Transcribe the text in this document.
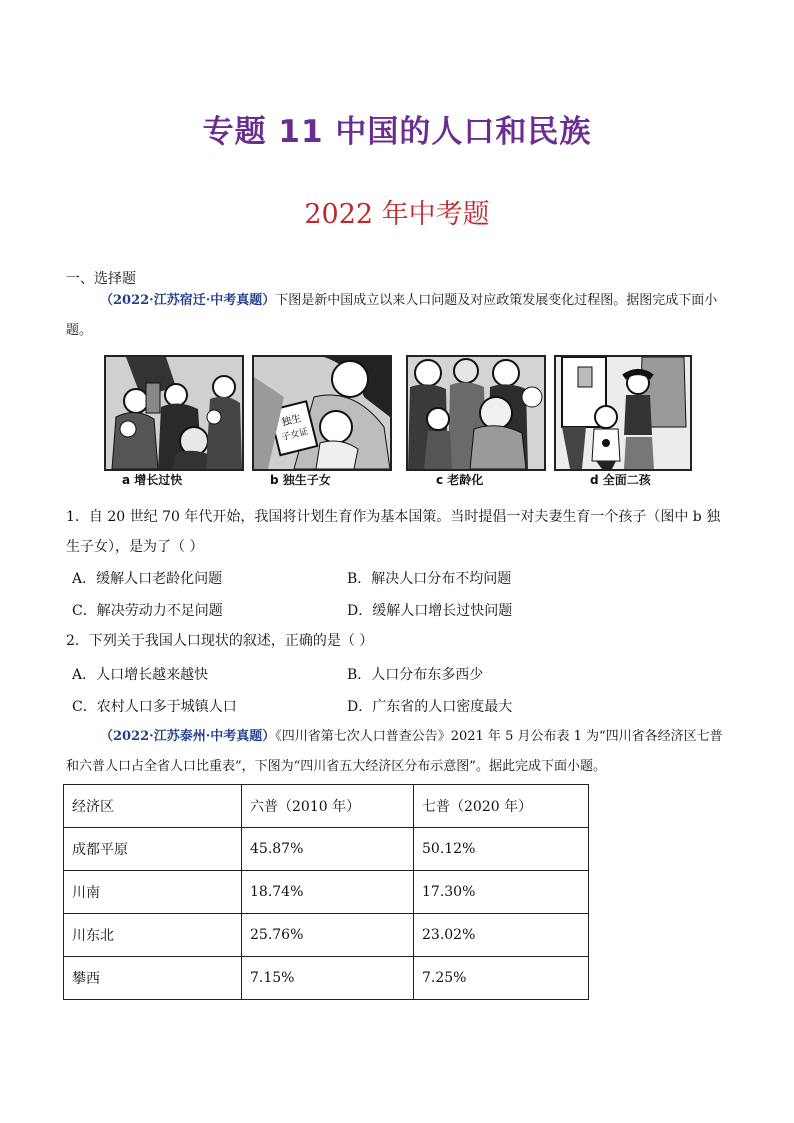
专题 11 中国的人口和民族
2022 年中考题
一、选择题
（2022·江苏宿迁·中考真题）下图是新中国成立以来人口问题及对应政策发展变化过程图。据图完成下面小题。
a 增长过快
独生
子女证
b 独生子女	c 老龄化	d 全面二孩
1．自 20 世纪 70 年代开始，我国将计划生育作为基本国策。当时提倡一对夫妻生育一个孩子（图中 b 独生子女），是为了（ ）
A．缓解人口老龄化问题	B．解决人口分布不均问题
C．解决劳动力不足问题	D．缓解人口增长过快问题
2．下列关于我国人口现状的叙述，正确的是（ ）
A．人口增长越来越快	B．人口分布东多西少
C．农村人口多于城镇人口	D．广东省的人口密度最大
（2022·江苏泰州·中考真题）《四川省第七次人口普查公告》2021 年 5 月公布表 1 为“四川省各经济区七普和六普人口占全省人口比重表”，下图为“四川省五大经济区分布示意图”。据此完成下面小题。
经济区	六普（2010 年）	七普（2020 年）
成都平原	45.87%	50.12%
川南	18.74%	17.30%
川东北	25.76%	23.02%
攀西	7.15%	7.25%
